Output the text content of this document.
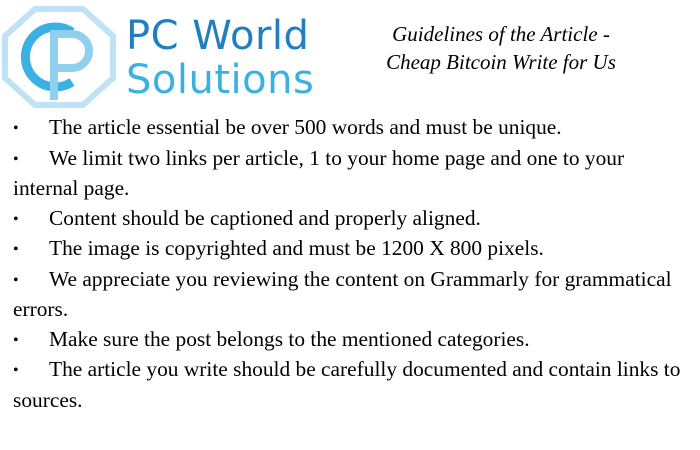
PC World
Solutions
Guidelines of the Article -
Cheap Bitcoin Write for Us
• The article essential be over 500 words and must be unique.
• We limit two links per article, 1 to your home page and one to your internal page.
• Content should be captioned and properly aligned.
• The image is copyrighted and must be 1200 X 800 pixels.
• We appreciate you reviewing the content on Grammarly for grammatical errors.
• Make sure the post belongs to the mentioned categories.
• The article you write should be carefully documented and contain links to sources.
